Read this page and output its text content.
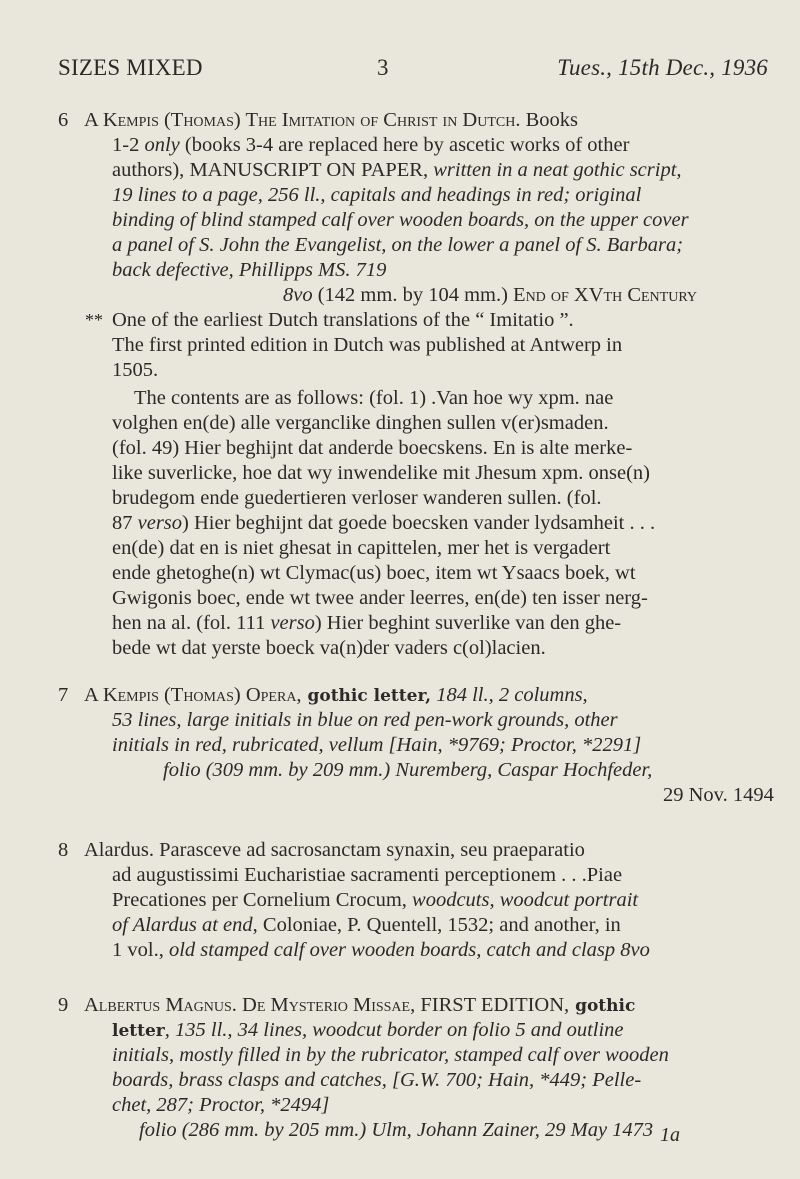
SIZES MIXED	3	Tues., 15th Dec., 1936
6 A Kempis (Thomas) The Imitation of Christ in Dutch. Books
1-2 only (books 3-4 are replaced here by ascetic works of other
authors), MANUSCRIPT ON PAPER, written in a neat gothic script,
19 lines to a page, 256 ll., capitals and headings in red; original
binding of blind stamped calf over wooden boards, on the upper cover
a panel of S. John the Evangelist, on the lower a panel of S. Barbara;
back defective, Phillipps MS. 719
8vo (142 mm. by 104 mm.) End of XVth Century
** One of the earliest Dutch translations of the “ Imitatio ”.
The first printed edition in Dutch was published at Antwerp in
1505.
The contents are as follows: (fol. 1) .Van hoe wy xpm. nae
volghen en(de) alle verganclike dinghen sullen v(er)smaden.
(fol. 49) Hier beghijnt dat anderde boecskens. En is alte merke-
like suverlicke, hoe dat wy inwendelike mit Jhesum xpm. onse(n)
brudegom ende guedertieren verloser wanderen sullen. (fol.
87 verso) Hier beghijnt dat goede boecsken vander lydsamheit . . .
en(de) dat en is niet ghesat in capittelen, mer het is vergadert
ende ghetoghe(n) wt Clymac(us) boec, item wt Ysaacs boek, wt
Gwigonis boec, ende wt twee ander leerres, en(de) ten isser nerg-
hen na al. (fol. 111 verso) Hier beghint suverlike van den ghe-
bede wt dat yerste boeck va(n)der vaders c(ol)lacien.
7 A Kempis (Thomas) Opera, gothic letter, 184 ll., 2 columns,
53 lines, large initials in blue on red pen-work grounds, other
initials in red, rubricated, vellum [Hain, *9769; Proctor, *2291]
folio (309 mm. by 209 mm.) Nuremberg, Caspar Hochfeder,
29 Nov. 1494
8 Alardus. Parasceve ad sacrosanctam synaxin, seu praeparatio
ad augustissimi Eucharistiae sacramenti perceptionem . . .Piae
Precationes per Cornelium Crocum, woodcuts, woodcut portrait
of Alardus at end, Coloniae, P. Quentell, 1532; and another, in
1 vol., old stamped calf over wooden boards, catch and clasp 8vo
9 Albertus Magnus. De Mysterio Missae, FIRST EDITION, gothic
letter, 135 ll., 34 lines, woodcut border on folio 5 and outline
initials, mostly filled in by the rubricator, stamped calf over wooden
boards, brass clasps and catches, [G.W. 700; Hain, *449; Pelle-
chet, 287; Proctor, *2494]
folio (286 mm. by 205 mm.) Ulm, Johann Zainer, 29 May 1473 1a
